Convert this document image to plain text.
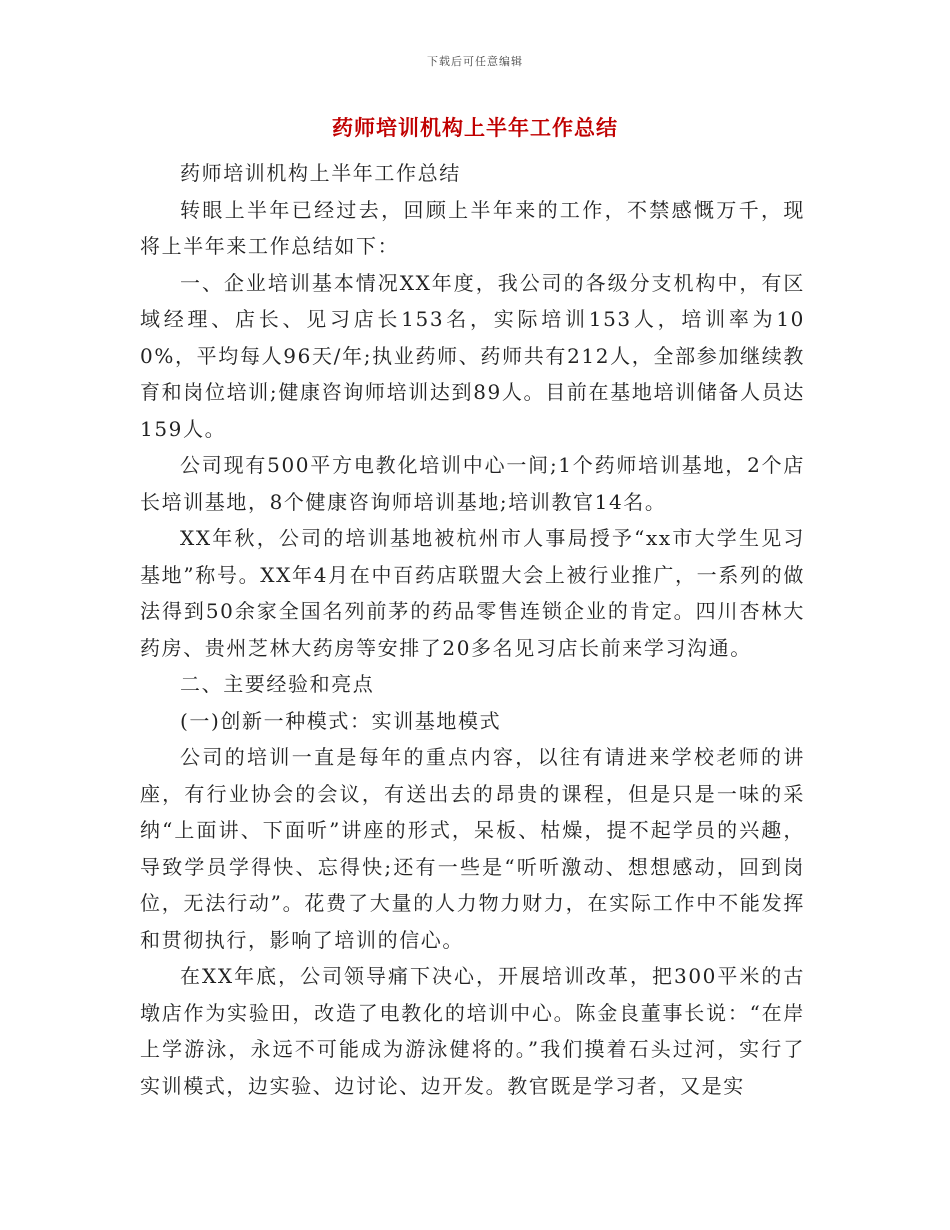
下载后可任意编辑
药师培训机构上半年工作总结

药师培训机构上半年工作总结

转眼上半年已经过去，回顾上半年来的工作，不禁感慨万千，现将上半年来工作总结如下：

一、企业培训基本情况XX年度，我公司的各级分支机构中，有区域经理、店长、见习店长153名，实际培训153人，培训率为100%，平均每人96天/年;执业药师、药师共有212人，全部参加继续教育和岗位培训;健康咨询师培训达到89人。目前在基地培训储备人员达159人。

公司现有500平方电教化培训中心一间;1个药师培训基地，2个店长培训基地，8个健康咨询师培训基地;培训教官14名。

XX年秋，公司的培训基地被杭州市人事局授予“xx市大学生见习基地”称号。XX年4月在中百药店联盟大会上被行业推广，一系列的做法得到50余家全国名列前茅的药品零售连锁企业的肯定。四川杏林大药房、贵州芝林大药房等安排了20多名见习店长前来学习沟通。

二、主要经验和亮点

(一)创新一种模式：实训基地模式

公司的培训一直是每年的重点内容，以往有请进来学校老师的讲座，有行业协会的会议，有送出去的昂贵的课程，但是只是一味的采纳“上面讲、下面听”讲座的形式，呆板、枯燥，提不起学员的兴趣，导致学员学得快、忘得快;还有一些是“听听激动、想想感动，回到岗位，无法行动”。花费了大量的人力物力财力，在实际工作中不能发挥和贯彻执行，影响了培训的信心。

在XX年底，公司领导痛下决心，开展培训改革，把300平米的古墩店作为实验田，改造了电教化的培训中心。陈金良董事长说：“在岸上学游泳，永远不可能成为游泳健将的。”我们摸着石头过河，实行了实训模式，边实验、边讨论、边开发。教官既是学习者，又是实
